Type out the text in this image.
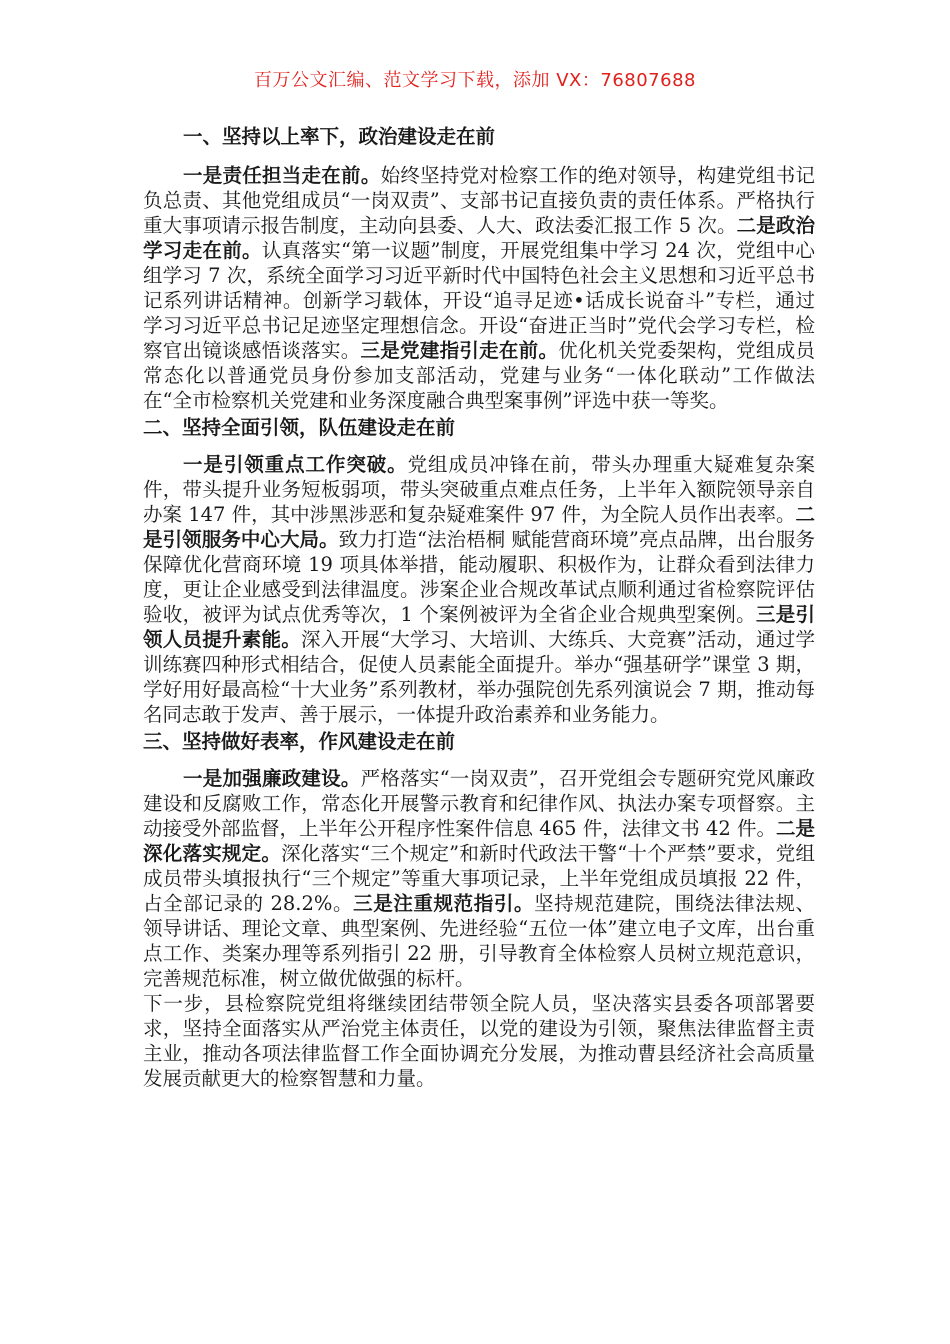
百万公文汇编、范文学习下载，添加 VX：76807688
一、坚持以上率下，政治建设走在前

一是责任担当走在前。始终坚持党对检察工作的绝对领导，构建党组书记负总责、其他党组成员“一岗双责”、支部书记直接负责的责任体系。严格执行重大事项请示报告制度，主动向县委、人大、政法委汇报工作 5 次。二是政治学习走在前。认真落实“第一议题”制度，开展党组集中学习 24 次，党组中心组学习 7 次，系统全面学习习近平新时代中国特色社会主义思想和习近平总书记系列讲话精神。创新学习载体，开设“追寻足迹•话成长说奋斗”专栏，通过学习习近平总书记足迹坚定理想信念。开设“奋进正当时”党代会学习专栏，检察官出镜谈感悟谈落实。三是党建指引走在前。优化机关党委架构，党组成员常态化以普通党员身份参加支部活动，党建与业务“一体化联动”工作做法在“全市检察机关党建和业务深度融合典型案事例”评选中获一等奖。

二、坚持全面引领，队伍建设走在前

一是引领重点工作突破。党组成员冲锋在前，带头办理重大疑难复杂案件，带头提升业务短板弱项，带头突破重点难点任务，上半年入额院领导亲自办案 147 件，其中涉黑涉恶和复杂疑难案件 97 件，为全院人员作出表率。二是引领服务中心大局。致力打造“法治梧桐 赋能营商环境”亮点品牌，出台服务保障优化营商环境 19 项具体举措，能动履职、积极作为，让群众看到法律力度，更让企业感受到法律温度。涉案企业合规改革试点顺利通过省检察院评估验收，被评为试点优秀等次，1 个案例被评为全省企业合规典型案例。三是引领人员提升素能。深入开展“大学习、大培训、大练兵、大竞赛”活动，通过学训练赛四种形式相结合，促使人员素能全面提升。举办“强基研学”课堂 3 期，学好用好最高检“十大业务”系列教材，举办强院创先系列演说会 7 期，推动每名同志敢于发声、善于展示，一体提升政治素养和业务能力。

三、坚持做好表率，作风建设走在前

一是加强廉政建设。严格落实“一岗双责”，召开党组会专题研究党风廉政建设和反腐败工作，常态化开展警示教育和纪律作风、执法办案专项督察。主动接受外部监督，上半年公开程序性案件信息 465 件，法律文书 42 件。二是深化落实规定。深化落实“三个规定”和新时代政法干警“十个严禁”要求，党组成员带头填报执行“三个规定”等重大事项记录，上半年党组成员填报 22 件，占全部记录的 28.2%。三是注重规范指引。坚持规范建院，围绕法律法规、领导讲话、理论文章、典型案例、先进经验“五位一体”建立电子文库，出台重点工作、类案办理等系列指引 22 册，引导教育全体检察人员树立规范意识，完善规范标准，树立做优做强的标杆。

下一步，县检察院党组将继续团结带领全院人员，坚决落实县委各项部署要求，坚持全面落实从严治党主体责任，以党的建设为引领，聚焦法律监督主责主业，推动各项法律监督工作全面协调充分发展，为推动曹县经济社会高质量发展贡献更大的检察智慧和力量。
